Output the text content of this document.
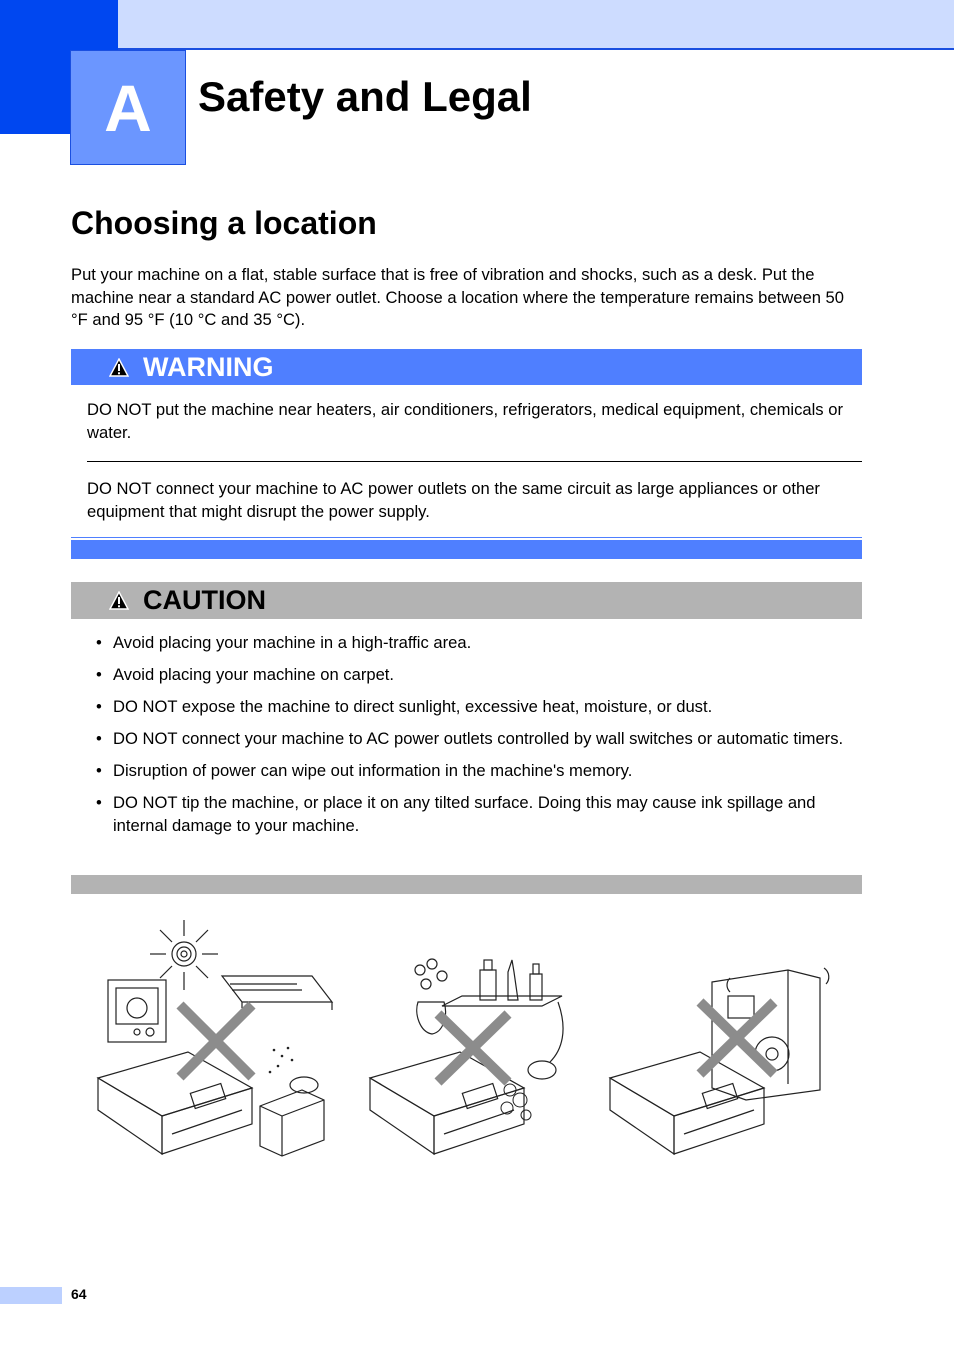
A	Safety and Legal
Choosing a location

Put your machine on a flat, stable surface that is free of vibration and shocks, such as a desk. Put the machine near a standard AC power outlet. Choose a location where the temperature remains between 50 °F and 95 °F (10 °C and 35 °C).

WARNING

DO NOT put the machine near heaters, air conditioners, refrigerators, medical equipment, chemicals or water.

DO NOT connect your machine to AC power outlets on the same circuit as large appliances or other equipment that might disrupt the power supply.

CAUTION
• Avoid placing your machine in a high-traffic area.
• Avoid placing your machine on carpet.
• DO NOT expose the machine to direct sunlight, excessive heat, moisture, or dust.
• DO NOT connect your machine to AC power outlets controlled by wall switches or automatic timers.
• Disruption of power can wipe out information in the machine's memory.
• DO NOT tip the machine, or place it on any tilted surface. Doing this may cause ink spillage and internal damage to your machine.
64
